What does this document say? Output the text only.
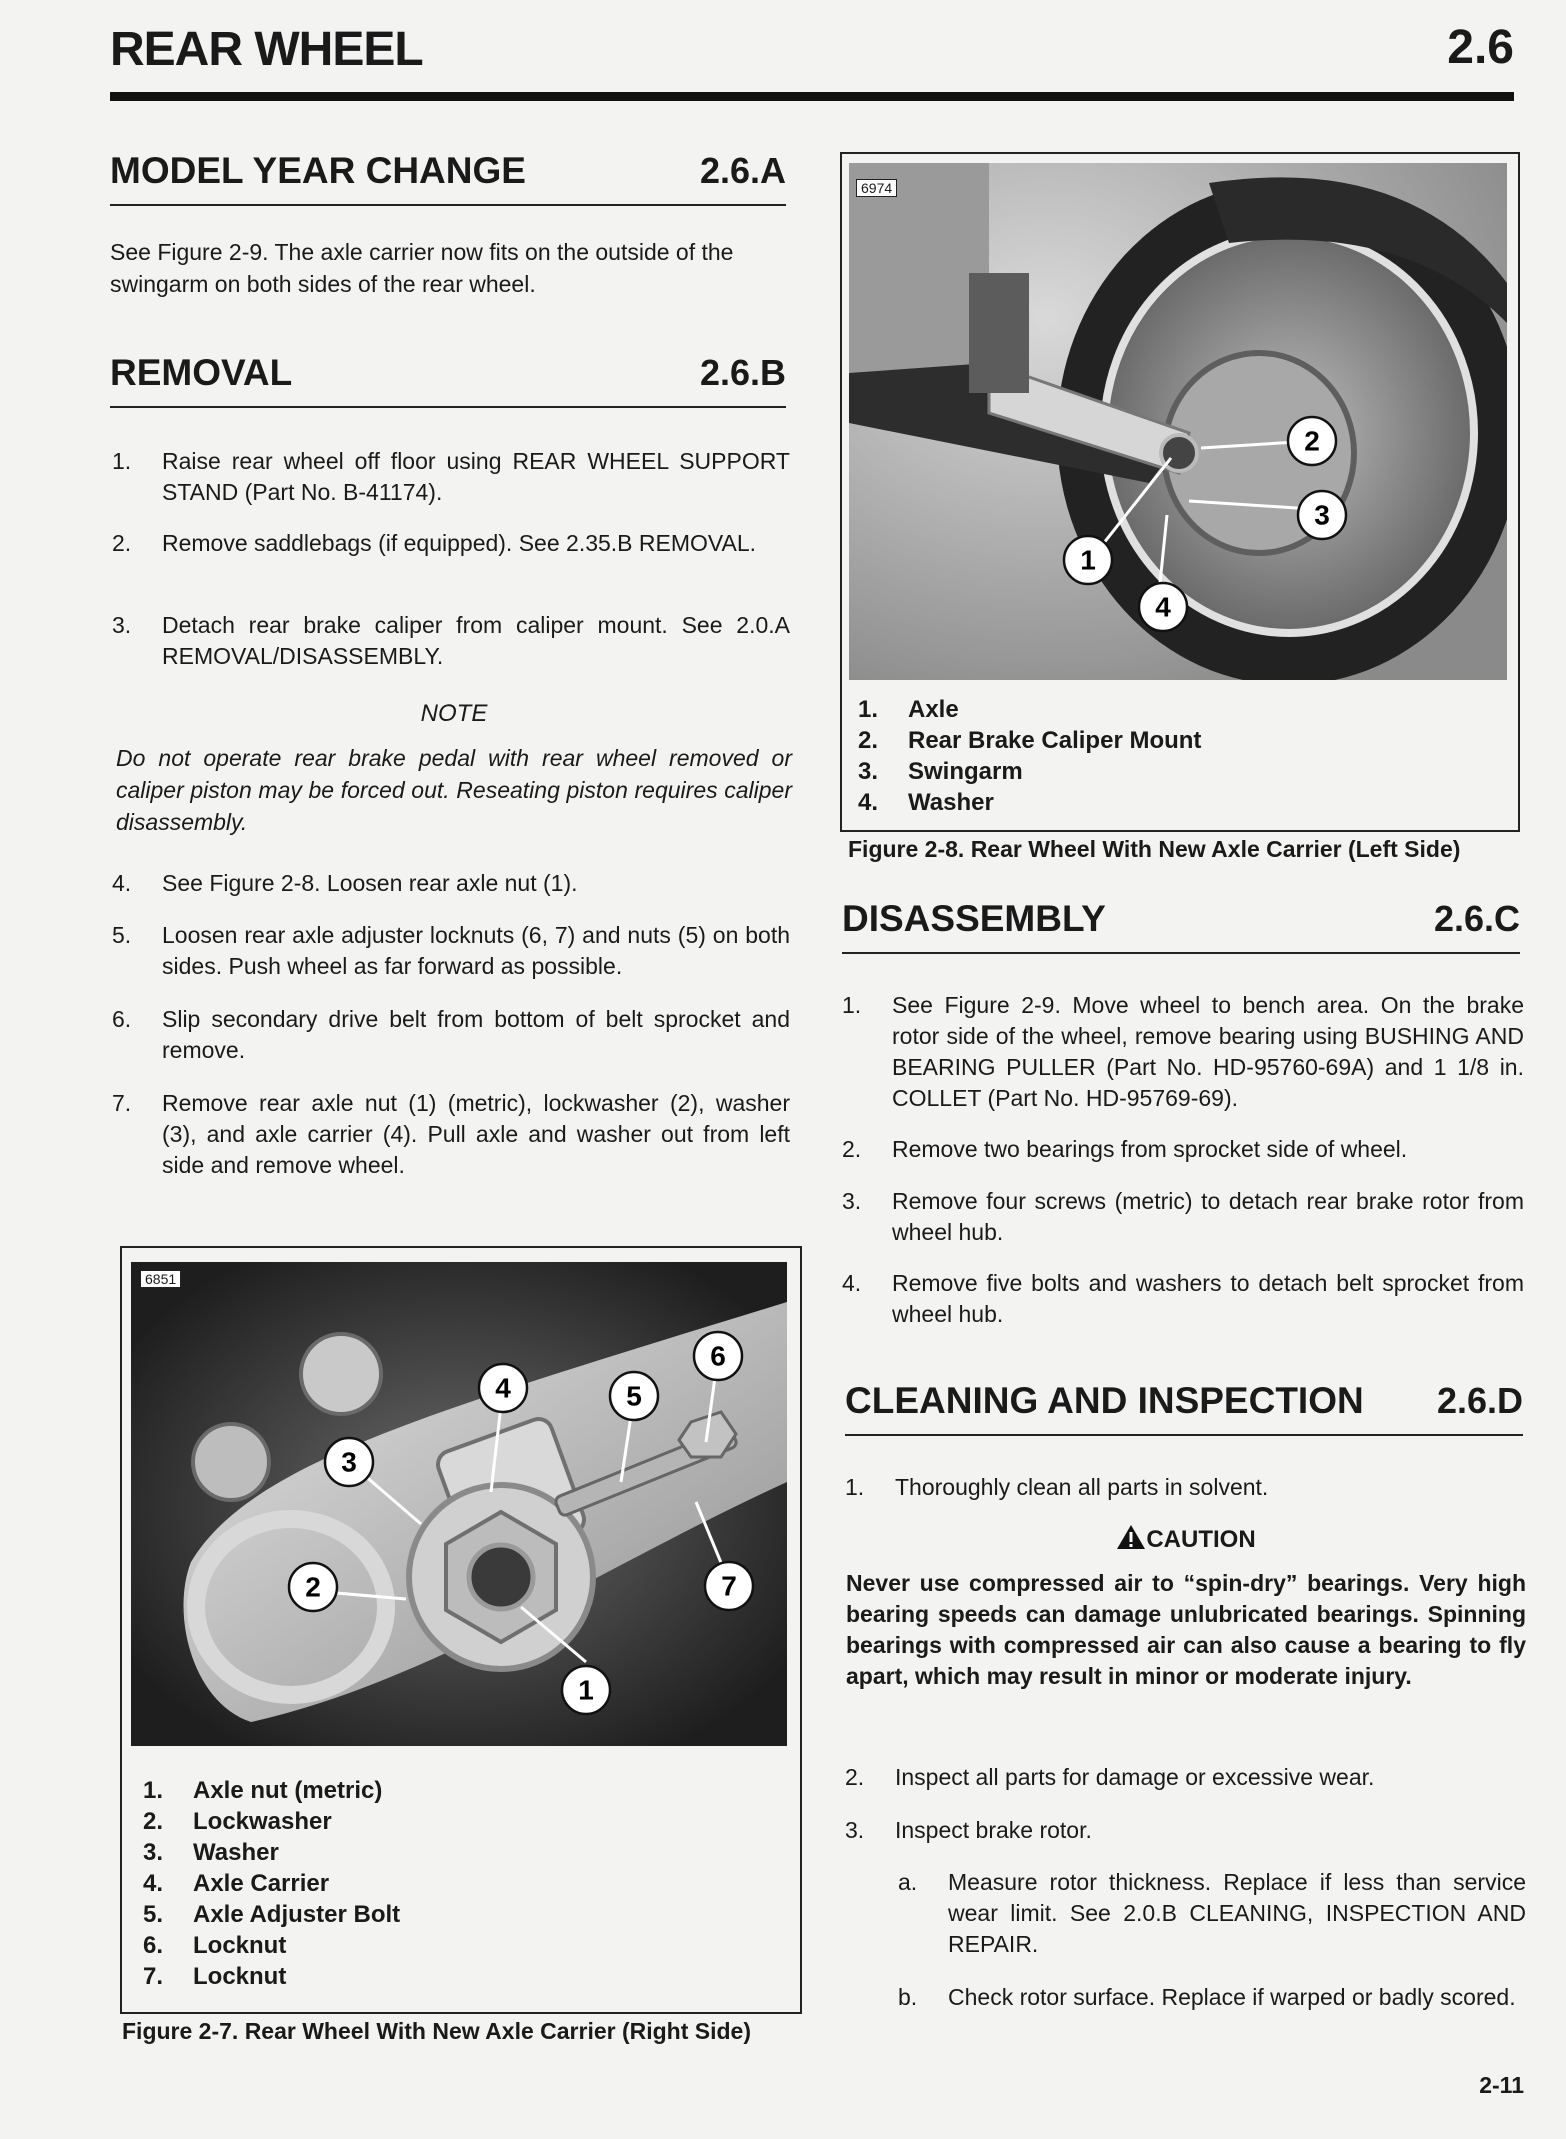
REAR WHEEL	2.6
MODEL YEAR CHANGE	2.6.A
See Figure 2-9. The axle carrier now fits on the outside of the swingarm on both sides of the rear wheel.
REMOVAL	2.6.B
1.	Raise rear wheel off floor using REAR WHEEL SUPPORT STAND (Part No. B-41174).
2.	Remove saddlebags (if equipped). See 2.35.B REMOVAL.
3.	Detach rear brake caliper from caliper mount. See 2.0.A REMOVAL/DISASSEMBLY.
NOTE
Do not operate rear brake pedal with rear wheel removed or caliper piston may be forced out. Reseating piston requires caliper disassembly.
4.	See Figure 2-8. Loosen rear axle nut (1).
5.	Loosen rear axle adjuster locknuts (6, 7) and nuts (5) on both sides. Push wheel as far forward as possible.
6.	Slip secondary drive belt from bottom of belt sprocket and remove.
7.	Remove rear axle nut (1) (metric), lockwasher (2), washer (3), and axle carrier (4). Pull axle and washer out from left side and remove wheel.
6851
1
2
3
4	5
6
7
1.	Axle nut (metric)
2.	Lockwasher
3.	Washer
4.	Axle Carrier
5.	Axle Adjuster Bolt
6.	Locknut
7.	Locknut
Figure 2-7. Rear Wheel With New Axle Carrier (Right Side)
6974
1
2
3
4
1.	Axle
2.	Rear Brake Caliper Mount
3.	Swingarm
4.	Washer
Figure 2-8. Rear Wheel With New Axle Carrier (Left Side)
DISASSEMBLY	2.6.C
1.	See Figure 2-9. Move wheel to bench area. On the brake rotor side of the wheel, remove bearing using BUSHING AND BEARING PULLER (Part No. HD-95760-69A) and 1 1/8 in. COLLET (Part No. HD-95769-69).
2.	Remove two bearings from sprocket side of wheel.
3.	Remove four screws (metric) to detach rear brake rotor from wheel hub.
4.	Remove five bolts and washers to detach belt sprocket from wheel hub.
CLEANING AND INSPECTION 2.6.D
1.	Thoroughly clean all parts in solvent.
CAUTION
Never use compressed air to “spin-dry” bearings. Very high bearing speeds can damage unlubricated bearings. Spinning bearings with compressed air can also cause a bearing to fly apart, which may result in minor or moderate injury.
2.	Inspect all parts for damage or excessive wear.
3.	Inspect brake rotor.
a.	Measure rotor thickness. Replace if less than service wear limit. See 2.0.B CLEANING, INSPECTION AND REPAIR.
b.	Check rotor surface. Replace if warped or badly scored.
2-11
